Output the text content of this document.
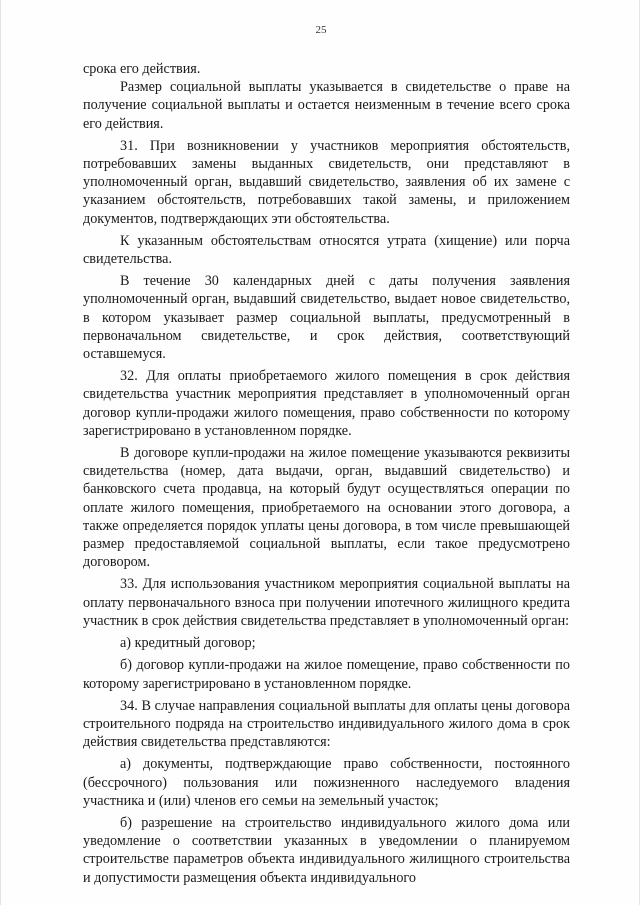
25

срока его действия.

Размер социальной выплаты указывается в свидетельстве о праве на получение социальной выплаты и остается неизменным в течение всего срока его действия.

31. При возникновении у участников мероприятия обстоятельств, потребовавших замены выданных свидетельств, они представляют в уполномоченный орган, выдавший свидетельство, заявления об их замене с указанием обстоятельств, потребовавших такой замены, и приложением документов, подтверждающих эти обстоятельства.

К указанным обстоятельствам относятся утрата (хищение) или порча свидетельства.

В течение 30 календарных дней с даты получения заявления уполномоченный орган, выдавший свидетельство, выдает новое свидетельство, в котором указывает размер социальной выплаты, предусмотренный в первоначальном свидетельстве, и срок действия, соответствующий оставшемуся.

32. Для оплаты приобретаемого жилого помещения в срок действия свидетельства участник мероприятия представляет в уполномоченный орган договор купли-продажи жилого помещения, право собственности по которому зарегистрировано в установленном порядке.

В договоре купли-продажи на жилое помещение указываются реквизиты свидетельства (номер, дата выдачи, орган, выдавший свидетельство) и банковского счета продавца, на который будут осуществляться операции по оплате жилого помещения, приобретаемого на основании этого договора, а также определяется порядок уплаты цены договора, в том числе превышающей размер предоставляемой социальной выплаты, если такое предусмотрено договором.

33. Для использования участником мероприятия социальной выплаты на оплату первоначального взноса при получении ипотечного жилищного кредита участник в срок действия свидетельства представляет в уполномоченный орган:

а) кредитный договор;

б) договор купли-продажи на жилое помещение, право собственности по которому зарегистрировано в установленном порядке.

34. В случае направления социальной выплаты для оплаты цены договора строительного подряда на строительство индивидуального жилого дома в срок действия свидетельства представляются:

а) документы, подтверждающие право собственности, постоянного (бессрочного) пользования или пожизненного наследуемого владения участника и (или) членов его семьи на земельный участок;

б) разрешение на строительство индивидуального жилого дома или уведомление о соответствии указанных в уведомлении о планируемом строительстве параметров объекта индивидуального жилищного строительства и допустимости размещения объекта индивидуального
